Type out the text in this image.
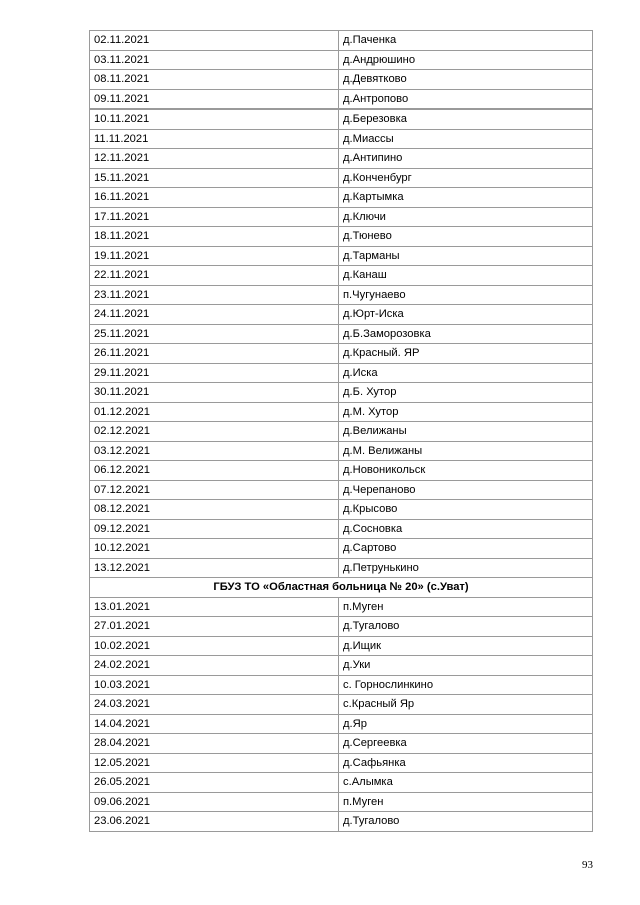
02.11.2021	д.Паченка
03.11.2021	д.Андрюшино
08.11.2021	д.Девятково
09.11.2021	д.Антропово
10.11.2021	д.Березовка
11.11.2021	д.Миассы
12.11.2021	д.Антипино
15.11.2021	д.Конченбург
16.11.2021	д.Картымка
17.11.2021	д.Ключи
18.11.2021	д.Тюнево
19.11.2021	д.Тарманы
22.11.2021	д.Канаш
23.11.2021	п.Чугунаево
24.11.2021	д.Юрт-Иска
25.11.2021	д.Б.Заморозовка
26.11.2021	д.Красный. ЯР
29.11.2021	д.Иска
30.11.2021	д.Б. Хутор
01.12.2021	д.М. Хутор
02.12.2021	д.Велижаны
03.12.2021	д.М. Велижаны
06.12.2021	д.Новоникольск
07.12.2021	д.Черепаново
08.12.2021	д.Крысово
09.12.2021	д.Сосновка
10.12.2021	д.Сартово
13.12.2021	д.Петрунькино
ГБУЗ ТО «Областная больница № 20» (с.Уват)	
13.01.2021	п.Муген
27.01.2021	д.Тугалово
10.02.2021	д.Ищик
24.02.2021	д.Уки
10.03.2021	с. Горнослинкино
24.03.2021	с.Красный Яр
14.04.2021	д.Яр
28.04.2021	д.Сергеевка
12.05.2021	д.Сафьянка
26.05.2021	с.Алымка
09.06.2021	п.Муген
23.06.2021	д.Тугалово
93
